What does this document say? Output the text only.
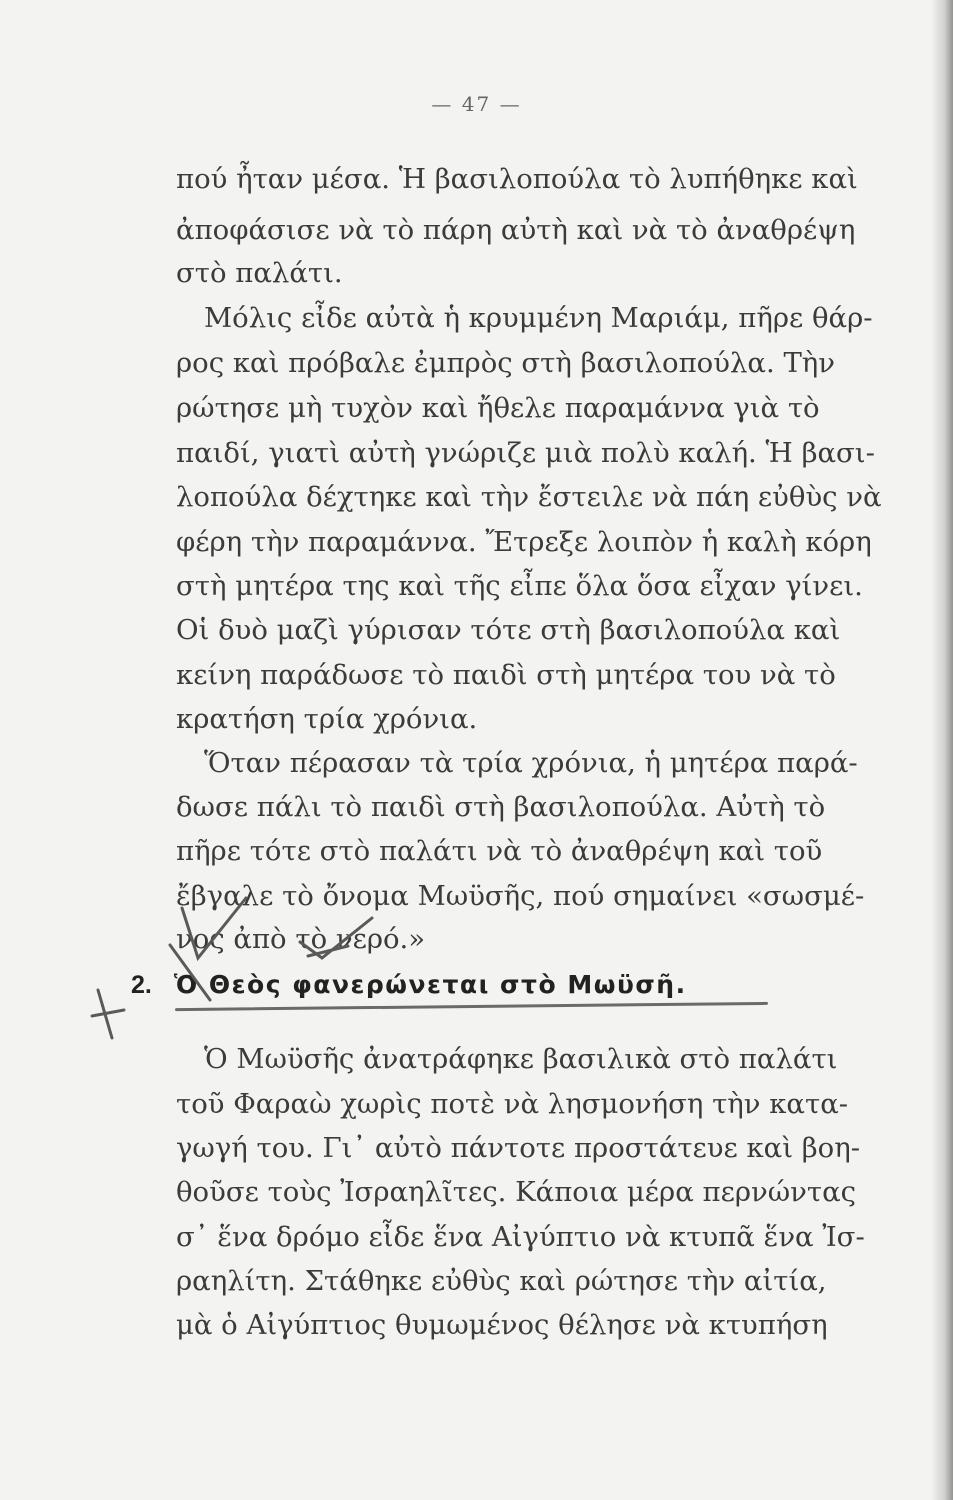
— 47 —
πού ἦταν μέσα. Ἡ βασιλοπούλα τὸ λυπήθηκε καὶ
ἀποφάσισε νὰ τὸ πάρη αὐτὴ καὶ νὰ τὸ ἀναθρέψη
στὸ παλάτι.
Μόλις εἶδε αὐτὰ ἡ κρυμμένη Μαριάμ, πῆρε θάρ-
ρος καὶ πρόβαλε ἐμπρὸς στὴ βασιλοπούλα. Τὴν
ρώτησε μὴ τυχὸν καὶ ἤθελε παραμάννα γιὰ τὸ
παιδί, γιατὶ αὐτὴ γνώριζε μιὰ πολὺ καλή. Ἡ βασι-
λοπούλα δέχτηκε καὶ τὴν ἔστειλε νὰ πάη εὐθὺς νὰ
φέρη τὴν παραμάννα. Ἔτρεξε λοιπὸν ἡ καλὴ κόρη
στὴ μητέρα της καὶ τῆς εἶπε ὅλα ὅσα εἶχαν γίνει.
Οἱ δυὸ μαζὶ γύρισαν τότε στὴ βασιλοπούλα καὶ
κείνη παράδωσε τὸ παιδὶ στὴ μητέρα του νὰ τὸ
κρατήση τρία χρόνια.
Ὅταν πέρασαν τὰ τρία χρόνια, ἡ μητέρα παρά-
δωσε πάλι τὸ παιδὶ στὴ βασιλοπούλα. Αὐτὴ τὸ
πῆρε τότε στὸ παλάτι νὰ τὸ ἀναθρέψη καὶ τοῦ
ἔβγαλε τὸ ὄνομα Μωϋσῆς, πού σημαίνει «σωσμέ-
νος ἀπὸ τὸ νερό.»
2. Ὁ Θεὸς φανερώνεται στὸ Μωϋσῆ.
Ὁ Μωϋσῆς ἀνατράφηκε βασιλικὰ στὸ παλάτι
τοῦ Φαραὼ χωρὶς ποτὲ νὰ λησμονήση τὴν κατα-
γωγή του. Γι᾿ αὐτὸ πάντοτε προστάτευε καὶ βοη-
θοῦσε τοὺς Ἰσραηλῖτες. Κάποια μέρα περνώντας
σ᾿ ἕνα δρόμο εἶδε ἕνα Αἰγύπτιο νὰ κτυπᾶ ἕνα Ἰσ-
ραηλίτη. Στάθηκε εὐθὺς καὶ ρώτησε τὴν αἰτία,
μὰ ὁ Αἰγύπτιος θυμωμένος θέλησε νὰ κτυπήση
